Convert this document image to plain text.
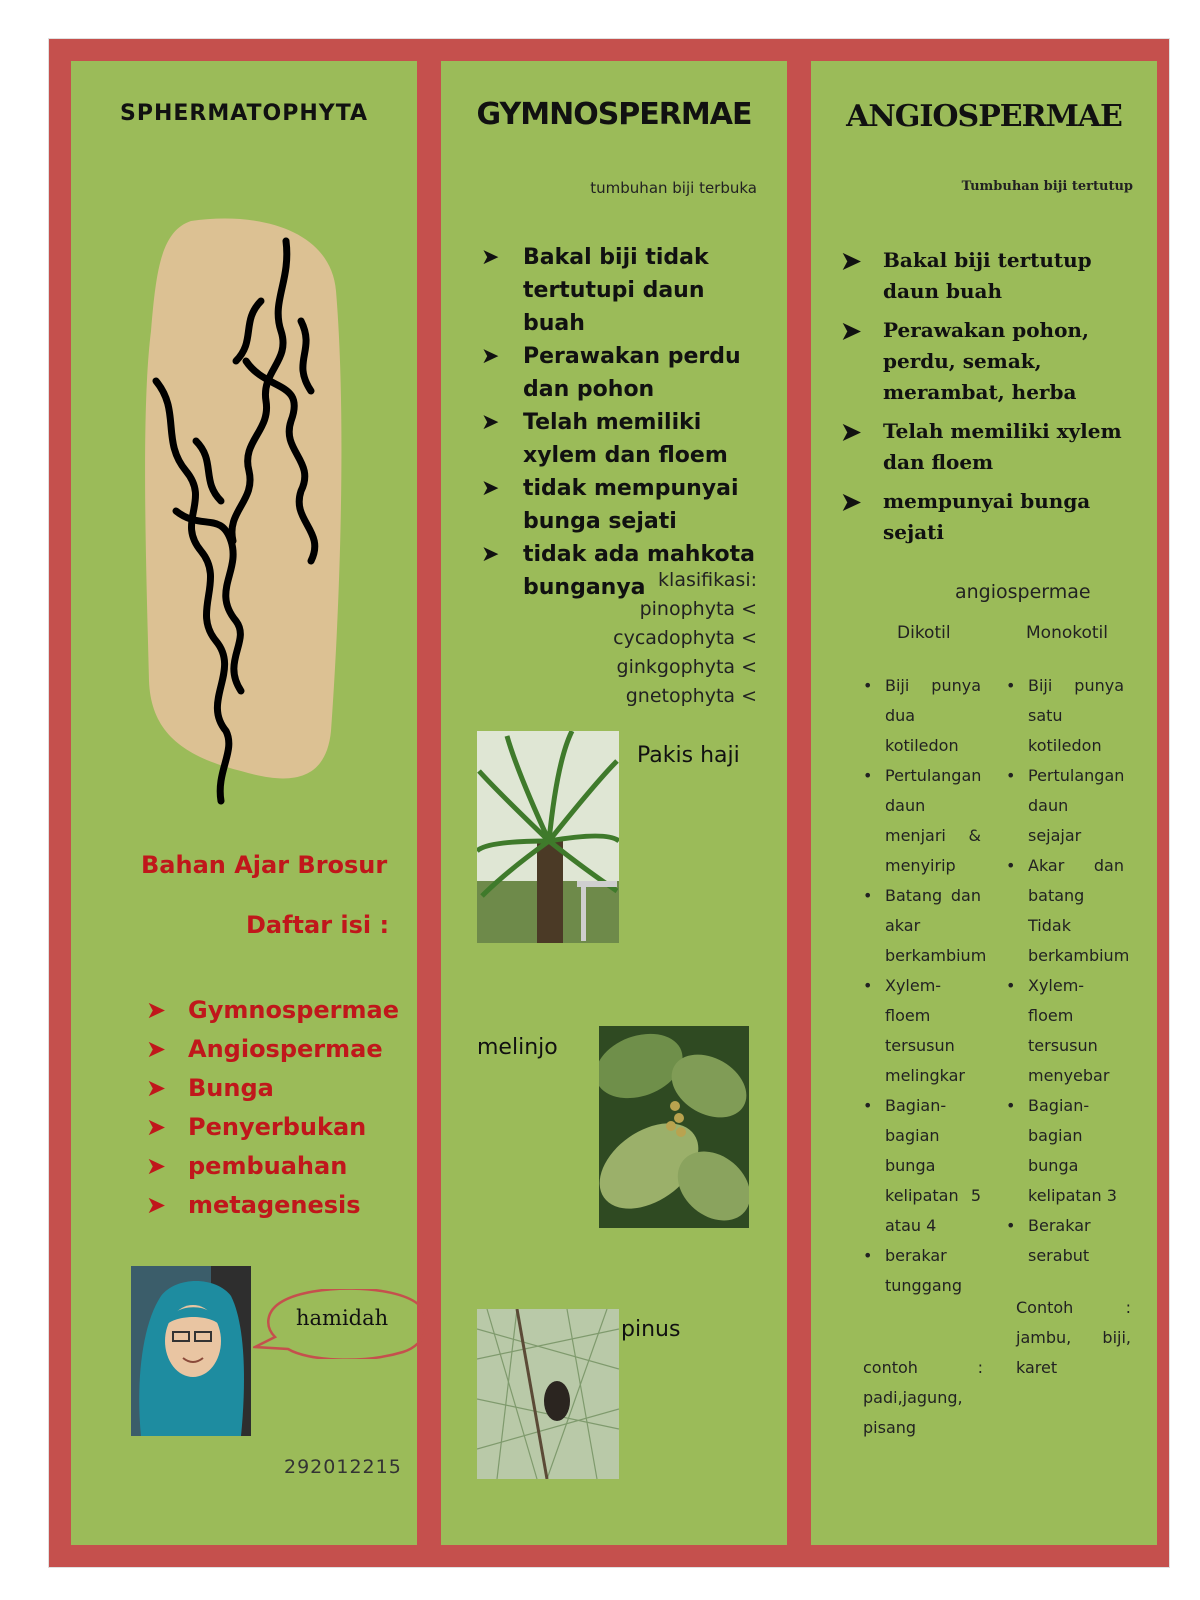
SPHERMATOPHYTA
Bahan Ajar Brosur
Daftar isi :
➤ Gymnospermae
➤ Angiospermae
➤ Bunga
➤ Penyerbukan
➤ pembuahan
➤ metagenesis
hamidah
292012215
GYMNOSPERMAE
tumbuhan biji terbuka
➤ Bakal biji tidak tertutupi daun buah
➤ Perawakan perdu dan pohon
➤ Telah memiliki xylem dan floem
➤ tidak mempunyai bunga sejati
➤ tidak ada mahkota bunganya klasifikasi:
pinophyta <
cycadophyta <
ginkgophyta <
gnetophyta <
Pakis haji
melinjo
pinus
ANGIOSPERMAE
Tumbuhan biji tertutup
➤ Bakal biji tertutup daun buah
➤ Perawakan pohon, perdu, semak, merambat, herba
➤ Telah memiliki xylem dan floem
➤ mempunyai bunga sejati
angiospermae
Dikotil	Monokotil
• Biji punya dua kotiledon
• Pertulangan daun menjari & menyirip
• Batang dan akar berkambium
• Xylem-floem tersusun melingkar
• Bagian-bagian bunga kelipatan 5 atau 4
• berakar tunggang
• Biji punya satu kotiledon
• Pertulangan daun sejajar
• Akar dan batang Tidak berkambium
• Xylem-floem tersusun menyebar
• Bagian-bagian bunga kelipatan 3
• Berakar serabut
contoh : padi,jagung, pisang
Contoh : jambu, biji, karet
